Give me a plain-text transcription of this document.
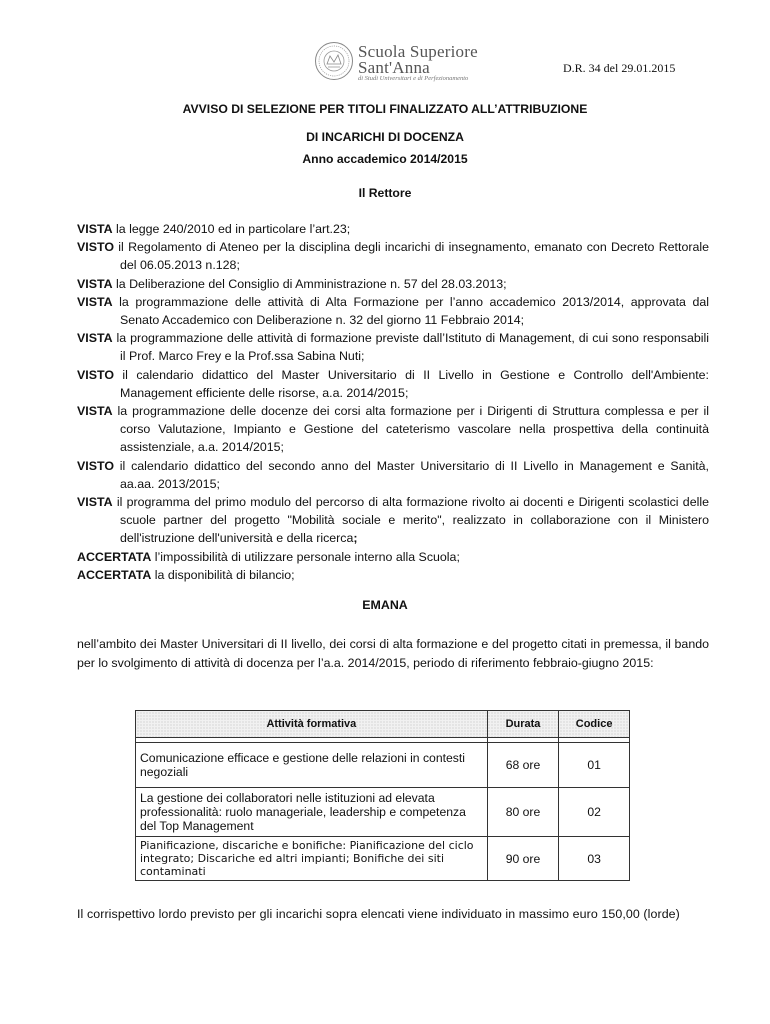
Scuola Superiore
Sant'Anna
di Studi Universitari e di Perfezionamento
D.R. 34 del 29.01.2015
AVVISO DI SELEZIONE PER TITOLI FINALIZZATO ALL’ATTRIBUZIONE
DI INCARICHI DI DOCENZA
Anno accademico 2014/2015
Il Rettore

VISTA la legge 240/2010 ed in particolare l’art.23;

VISTO il Regolamento di Ateneo per la disciplina degli incarichi di insegnamento, emanato con Decreto Rettorale del 06.05.2013 n.128;

VISTA la Deliberazione del Consiglio di Amministrazione n. 57 del 28.03.2013;

VISTA la programmazione delle attività di Alta Formazione per l’anno accademico 2013/2014, approvata dal Senato Accademico con Deliberazione n. 32 del giorno 11 Febbraio 2014;

VISTA la programmazione delle attività di formazione previste dall’Istituto di Management, di cui sono responsabili il Prof. Marco Frey e la Prof.ssa Sabina Nuti;

VISTO il calendario didattico del Master Universitario di II Livello in Gestione e Controllo dell'Ambiente: Management efficiente delle risorse, a.a. 2014/2015;

VISTA la programmazione delle docenze dei corsi alta formazione per i Dirigenti di Struttura complessa e per il corso Valutazione, Impianto e Gestione del cateterismo vascolare nella prospettiva della continuità assistenziale, a.a. 2014/2015;

VISTO il calendario didattico del secondo anno del Master Universitario di II Livello in Management e Sanità, aa.aa. 2013/2015;

VISTA il programma del primo modulo del percorso di alta formazione rivolto ai docenti e Dirigenti scolastici delle scuole partner del progetto "Mobilità sociale e merito", realizzato in collaborazione con il Ministero dell'istruzione dell'università e della ricerca;

ACCERTATA l’impossibilità di utilizzare personale interno alla Scuola;

ACCERTATA la disponibilità di bilancio;

EMANA
nell’ambito dei Master Universitari di II livello, dei corsi di alta formazione e del progetto citati in premessa, il bando per lo svolgimento di attività di docenza per l’a.a. 2014/2015, periodo di riferimento febbraio-giugno 2015:
Attività formativa	Durata	Codice

Comunicazione efficace e gestione delle relazioni in contesti negoziali	68 ore	01
La gestione dei collaboratori nelle istituzioni ad elevata professionalità: ruolo manageriale, leadership e competenza del Top Management	80 ore	02
Pianificazione, discariche e bonifiche: Pianificazione del ciclo integrato; Discariche ed altri impianti; Bonifiche dei siti contaminati	90 ore	03
Il corrispettivo lordo previsto per gli incarichi sopra elencati viene individuato in massimo euro 150,00 (lorde)
